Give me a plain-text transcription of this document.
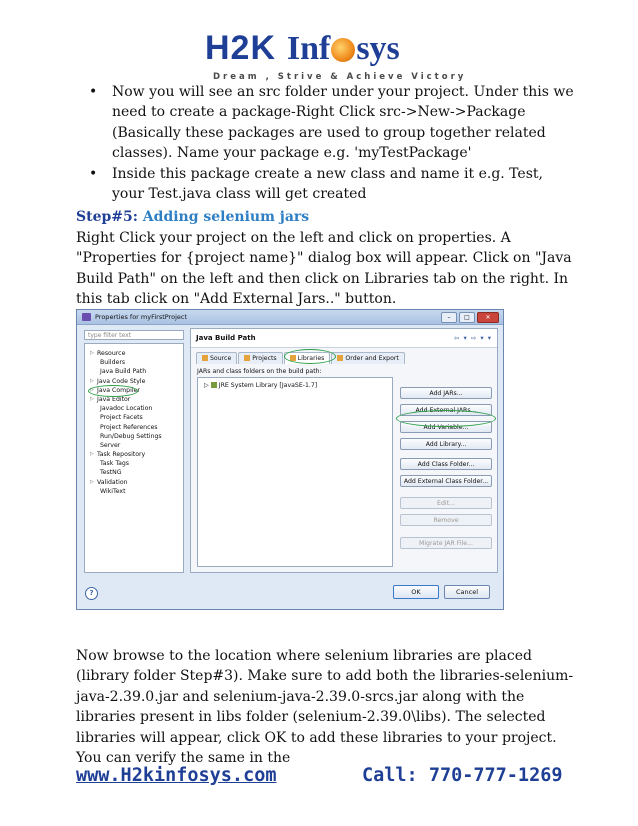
H2K Inf sys
Dream , Strive & Achieve Victory
• Now you will see an src folder under your project. Under this we need to create a package-Right Click src->New->Package (Basically these packages are used to group together related classes). Name your package e.g. 'myTestPackage'
• Inside this package create a new class and name it e.g. Test, your Test.java class will get created
Step#5: Adding selenium jars

Right Click your project on the left and click on properties. A "Properties for {project name}" dialog box will appear. Click on "Java Build Path" on the left and then click on Libraries tab on the right. In this tab click on "Add External Jars.." button.

Properties for myFirstProject	–	□	✕
type filter text
▷ Resource
Builders
Java Build Path
▷ Java Code Style
▷ Java Compiler
▷ Java Editor
Javadoc Location
Project Facets
Project References
Run/Debug Settings
Server
▷ Task Repository
Task Tags
TestNG
▷ Validation
WikiText
Java Build Path	⇦ ▾ ⇨ ▾ ▾
Source	Projects	Libraries	Order and Export
JARs and class folders on the build path:
▷ JRE System Library [JavaSE-1.7]
Add JARs...
Add External JARs...
Add Variable...
Add Library...
Add Class Folder...
Add External Class Folder...
Edit...
Remove
Migrate JAR File...
?	OK	Cancel

Now browse to the location where selenium libraries are placed (library folder Step#3). Make sure to add both the libraries-selenium-java-2.39.0.jar and selenium-java-2.39.0-srcs.jar along with the libraries present in libs folder (selenium-2.39.0\libs). The selected libraries will appear, click OK to add these libraries to your project. You can verify the same in the

www.H2kinfosys.com	Call: 770-777-1269
